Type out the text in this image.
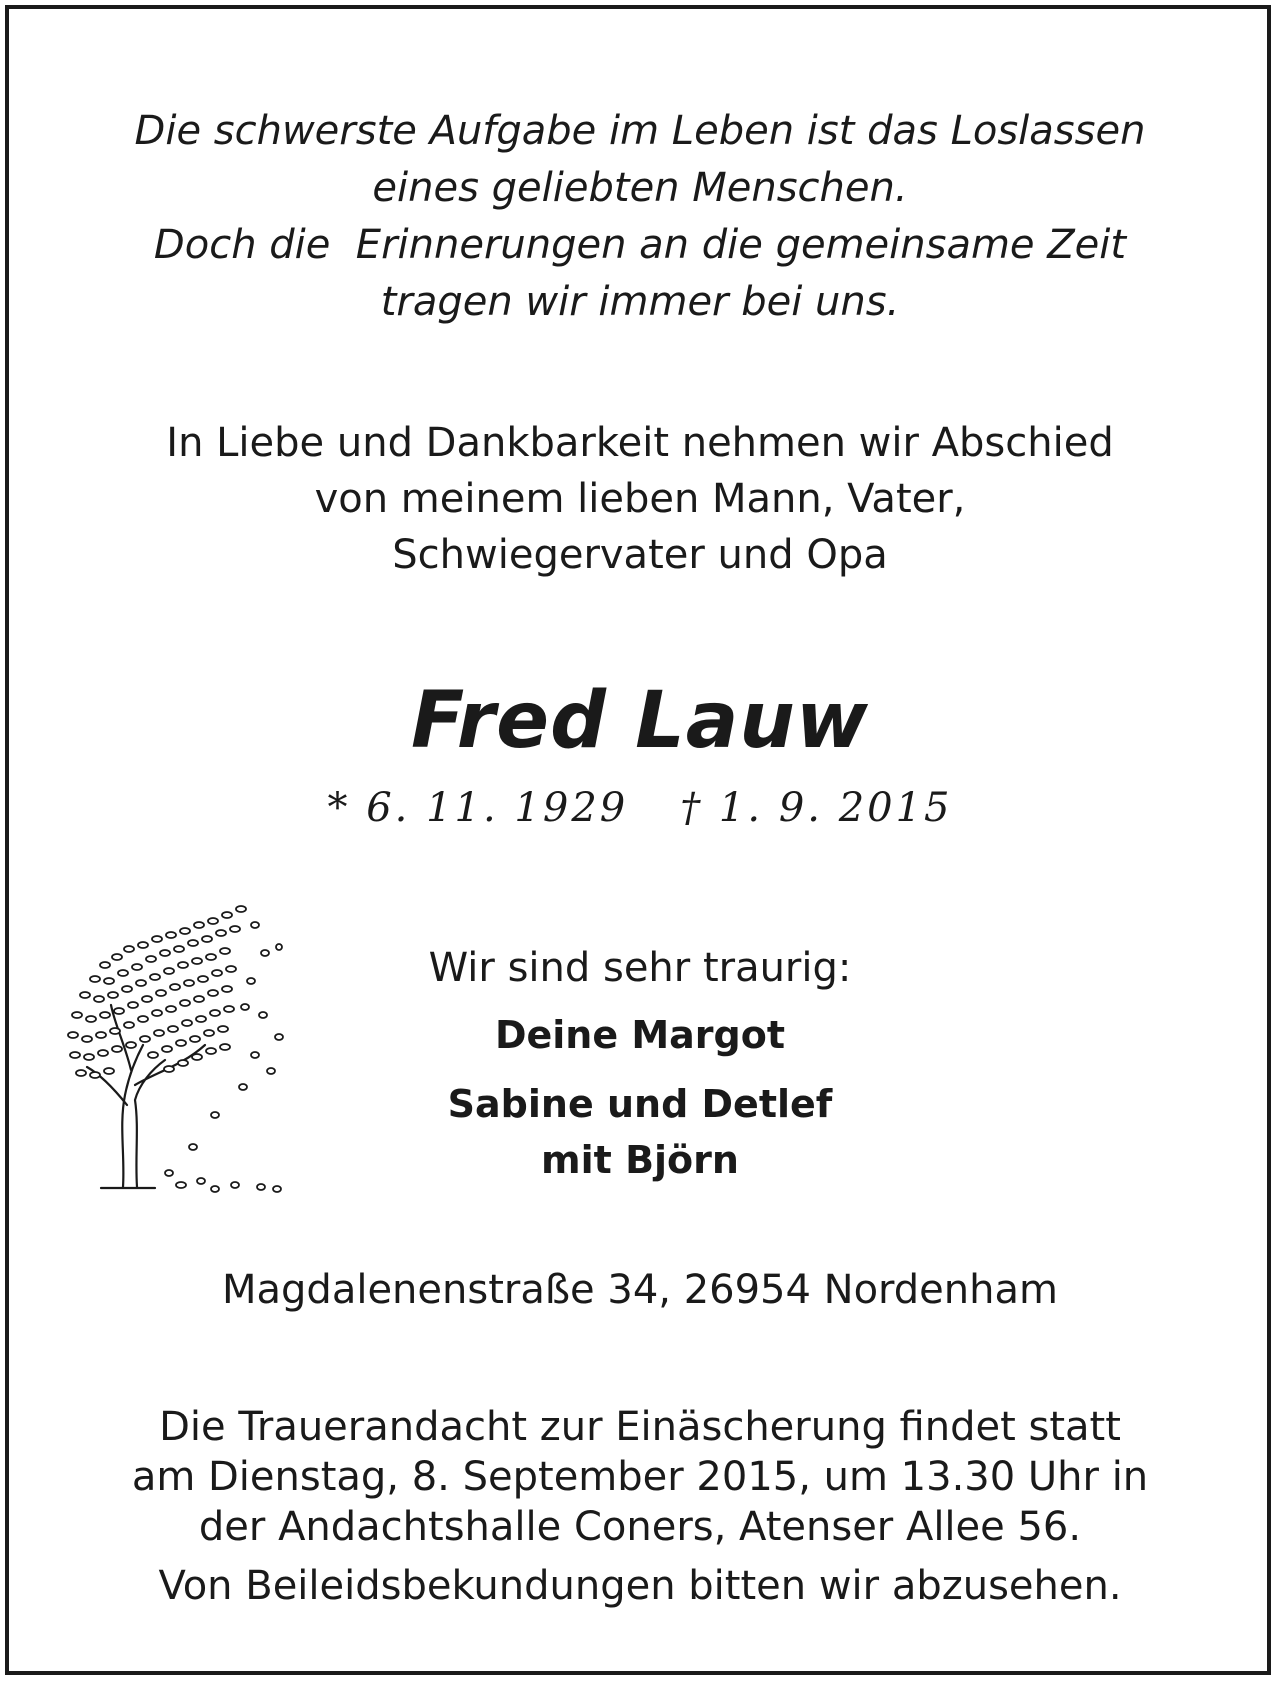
Die schwerste Aufgabe im Leben ist das Loslassen
eines geliebten Menschen.
Doch die  Erinnerungen an die gemeinsame Zeit
tragen wir immer bei uns.
In Liebe und Dankbarkeit nehmen wir Abschied
von meinem lieben Mann, Vater,
Schwiegervater und Opa
Fred Lauw
* 6. 11. 1929 † 1. 9. 2015
Wir sind sehr traurig:
Deine Margot
Sabine und Detlef
mit Björn
Magdalenenstraße 34, 26954 Nordenham
Die Trauerandacht zur Einäscherung findet statt
am Dienstag, 8. September 2015, um 13.30 Uhr in
der Andachtshalle Coners, Atenser Allee 56.
Von Beileidsbekundungen bitten wir abzusehen.
